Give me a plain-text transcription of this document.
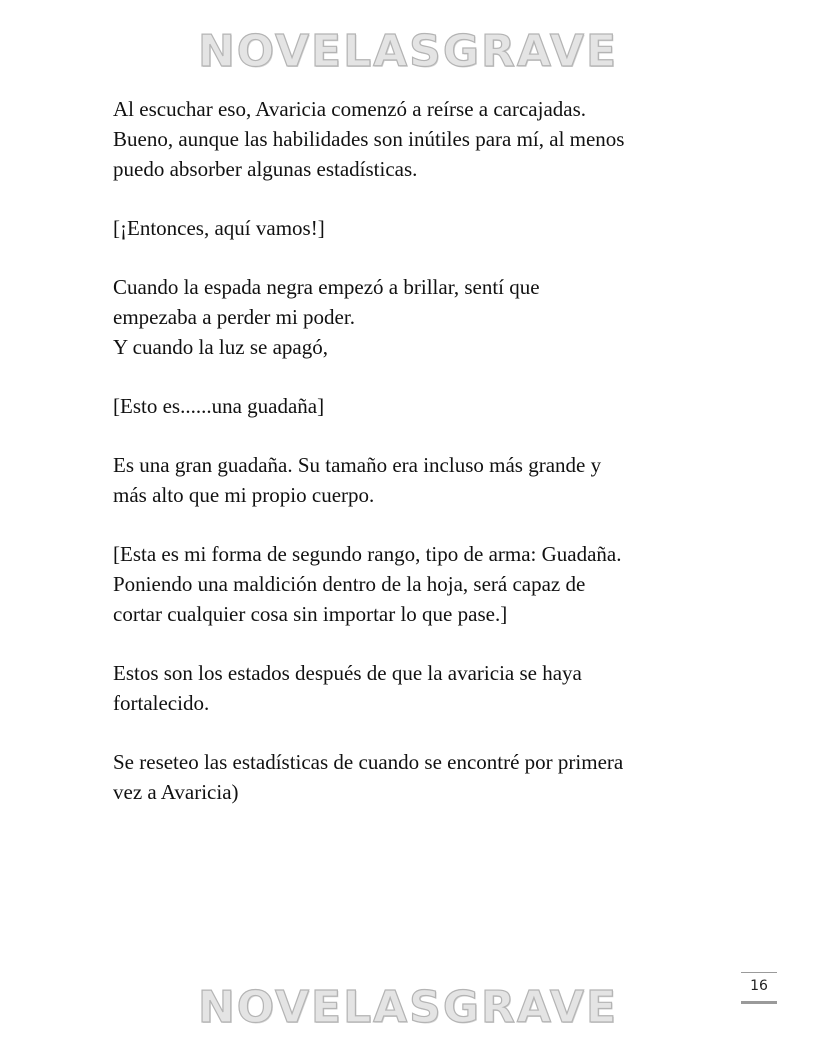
NOVELASGRAVE
Al escuchar eso, Avaricia comenzó a reírse a carcajadas.
Bueno, aunque las habilidades son inútiles para mí, al menos
puedo absorber algunas estadísticas.
[¡Entonces, aquí vamos!]
Cuando la espada negra empezó a brillar, sentí que
empezaba a perder mi poder.
Y cuando la luz se apagó,
[Esto es......una guadaña]
Es una gran guadaña. Su tamaño era incluso más grande y
más alto que mi propio cuerpo.
[Esta es mi forma de segundo rango, tipo de arma: Guadaña.
Poniendo una maldición dentro de la hoja, será capaz de
cortar cualquier cosa sin importar lo que pase.]
Estos son los estados después de que la avaricia se haya
fortalecido.
Se reseteo las estadísticas de cuando se encontré por primera
vez a Avaricia)
16
NOVELASGRAVE
